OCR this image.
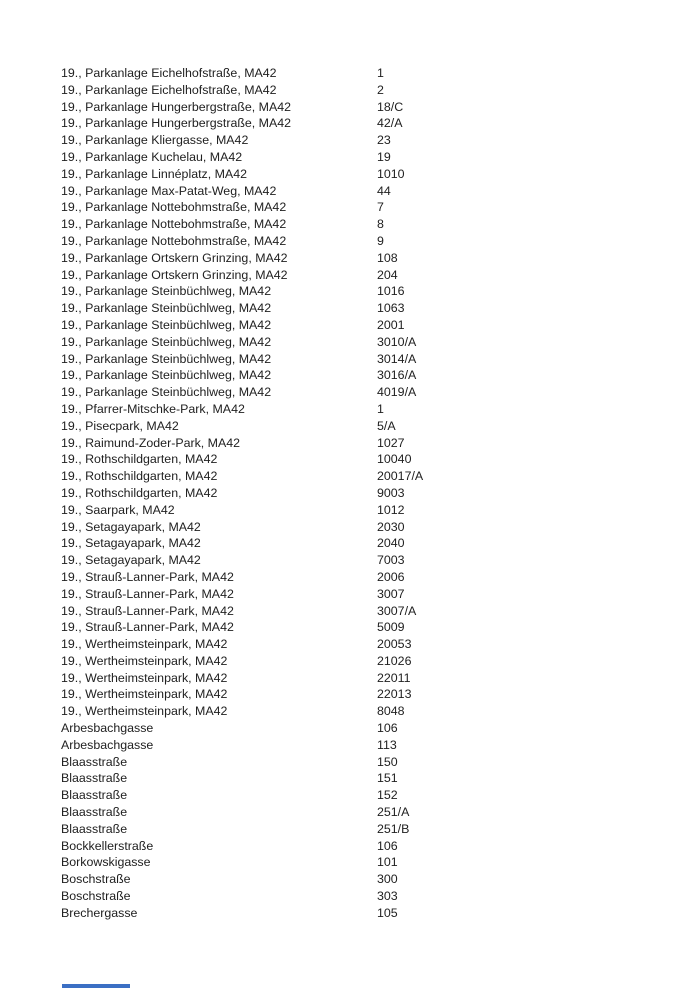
19., Parkanlage Eichelhofstraße, MA42	1
19., Parkanlage Eichelhofstraße, MA42	2
19., Parkanlage Hungerbergstraße, MA42	18/C
19., Parkanlage Hungerbergstraße, MA42	42/A
19., Parkanlage Kliergasse, MA42	23
19., Parkanlage Kuchelau, MA42	19
19., Parkanlage Linnéplatz, MA42	1010
19., Parkanlage Max-Patat-Weg, MA42	44
19., Parkanlage Nottebohmstraße, MA42	7
19., Parkanlage Nottebohmstraße, MA42	8
19., Parkanlage Nottebohmstraße, MA42	9
19., Parkanlage Ortskern Grinzing, MA42	108
19., Parkanlage Ortskern Grinzing, MA42	204
19., Parkanlage Steinbüchlweg, MA42	1016
19., Parkanlage Steinbüchlweg, MA42	1063
19., Parkanlage Steinbüchlweg, MA42	2001
19., Parkanlage Steinbüchlweg, MA42	3010/A
19., Parkanlage Steinbüchlweg, MA42	3014/A
19., Parkanlage Steinbüchlweg, MA42	3016/A
19., Parkanlage Steinbüchlweg, MA42	4019/A
19., Pfarrer-Mitschke-Park, MA42	1
19., Pisecpark, MA42	5/A
19., Raimund-Zoder-Park, MA42	1027
19., Rothschildgarten, MA42	10040
19., Rothschildgarten, MA42	20017/A
19., Rothschildgarten, MA42	9003
19., Saarpark, MA42	1012
19., Setagayapark, MA42	2030
19., Setagayapark, MA42	2040
19., Setagayapark, MA42	7003
19., Strauß-Lanner-Park, MA42	2006
19., Strauß-Lanner-Park, MA42	3007
19., Strauß-Lanner-Park, MA42	3007/A
19., Strauß-Lanner-Park, MA42	5009
19., Wertheimsteinpark, MA42	20053
19., Wertheimsteinpark, MA42	21026
19., Wertheimsteinpark, MA42	22011
19., Wertheimsteinpark, MA42	22013
19., Wertheimsteinpark, MA42	8048
Arbesbachgasse	106
Arbesbachgasse	113
Blaasstraße	150
Blaasstraße	151
Blaasstraße	152
Blaasstraße	251/A
Blaasstraße	251/B
Bockkellerstraße	106
Borkowskigasse	101
Boschstraße	300
Boschstraße	303
Brechergasse	105
